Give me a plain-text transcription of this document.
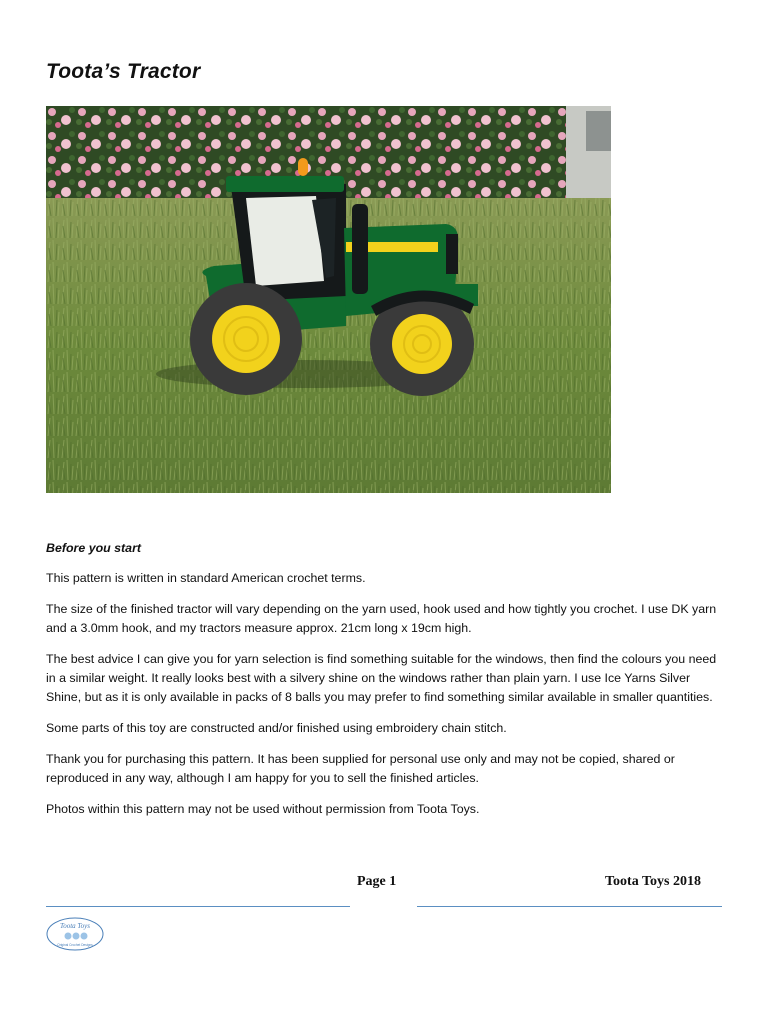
Toota’s Tractor

Before you start

This pattern is written in standard American crochet terms.

The size of the finished tractor will vary depending on the yarn used, hook used and how tightly you crochet. I use DK yarn and a 3.0mm hook, and my tractors measure approx. 21cm long x 19cm high.

The best advice I can give you for yarn selection is find something suitable for the windows, then find the colours you need in a similar weight. It really looks best with a silvery shine on the windows rather than plain yarn. I use Ice Yarns Silver Shine, but as it is only available in packs of 8 balls you may prefer to find something similar available in smaller quantities.

Some parts of this toy are constructed and/or finished using embroidery chain stitch.

Thank you for purchasing this pattern. It has been supplied for personal use only and may not be copied, shared or reproduced in any way, although I am happy for you to sell the finished articles.

Photos within this pattern may not be used without permission from Toota Toys.

Page 1	Toota Toys 2018
Toota Toys
Original Crochet Designs
